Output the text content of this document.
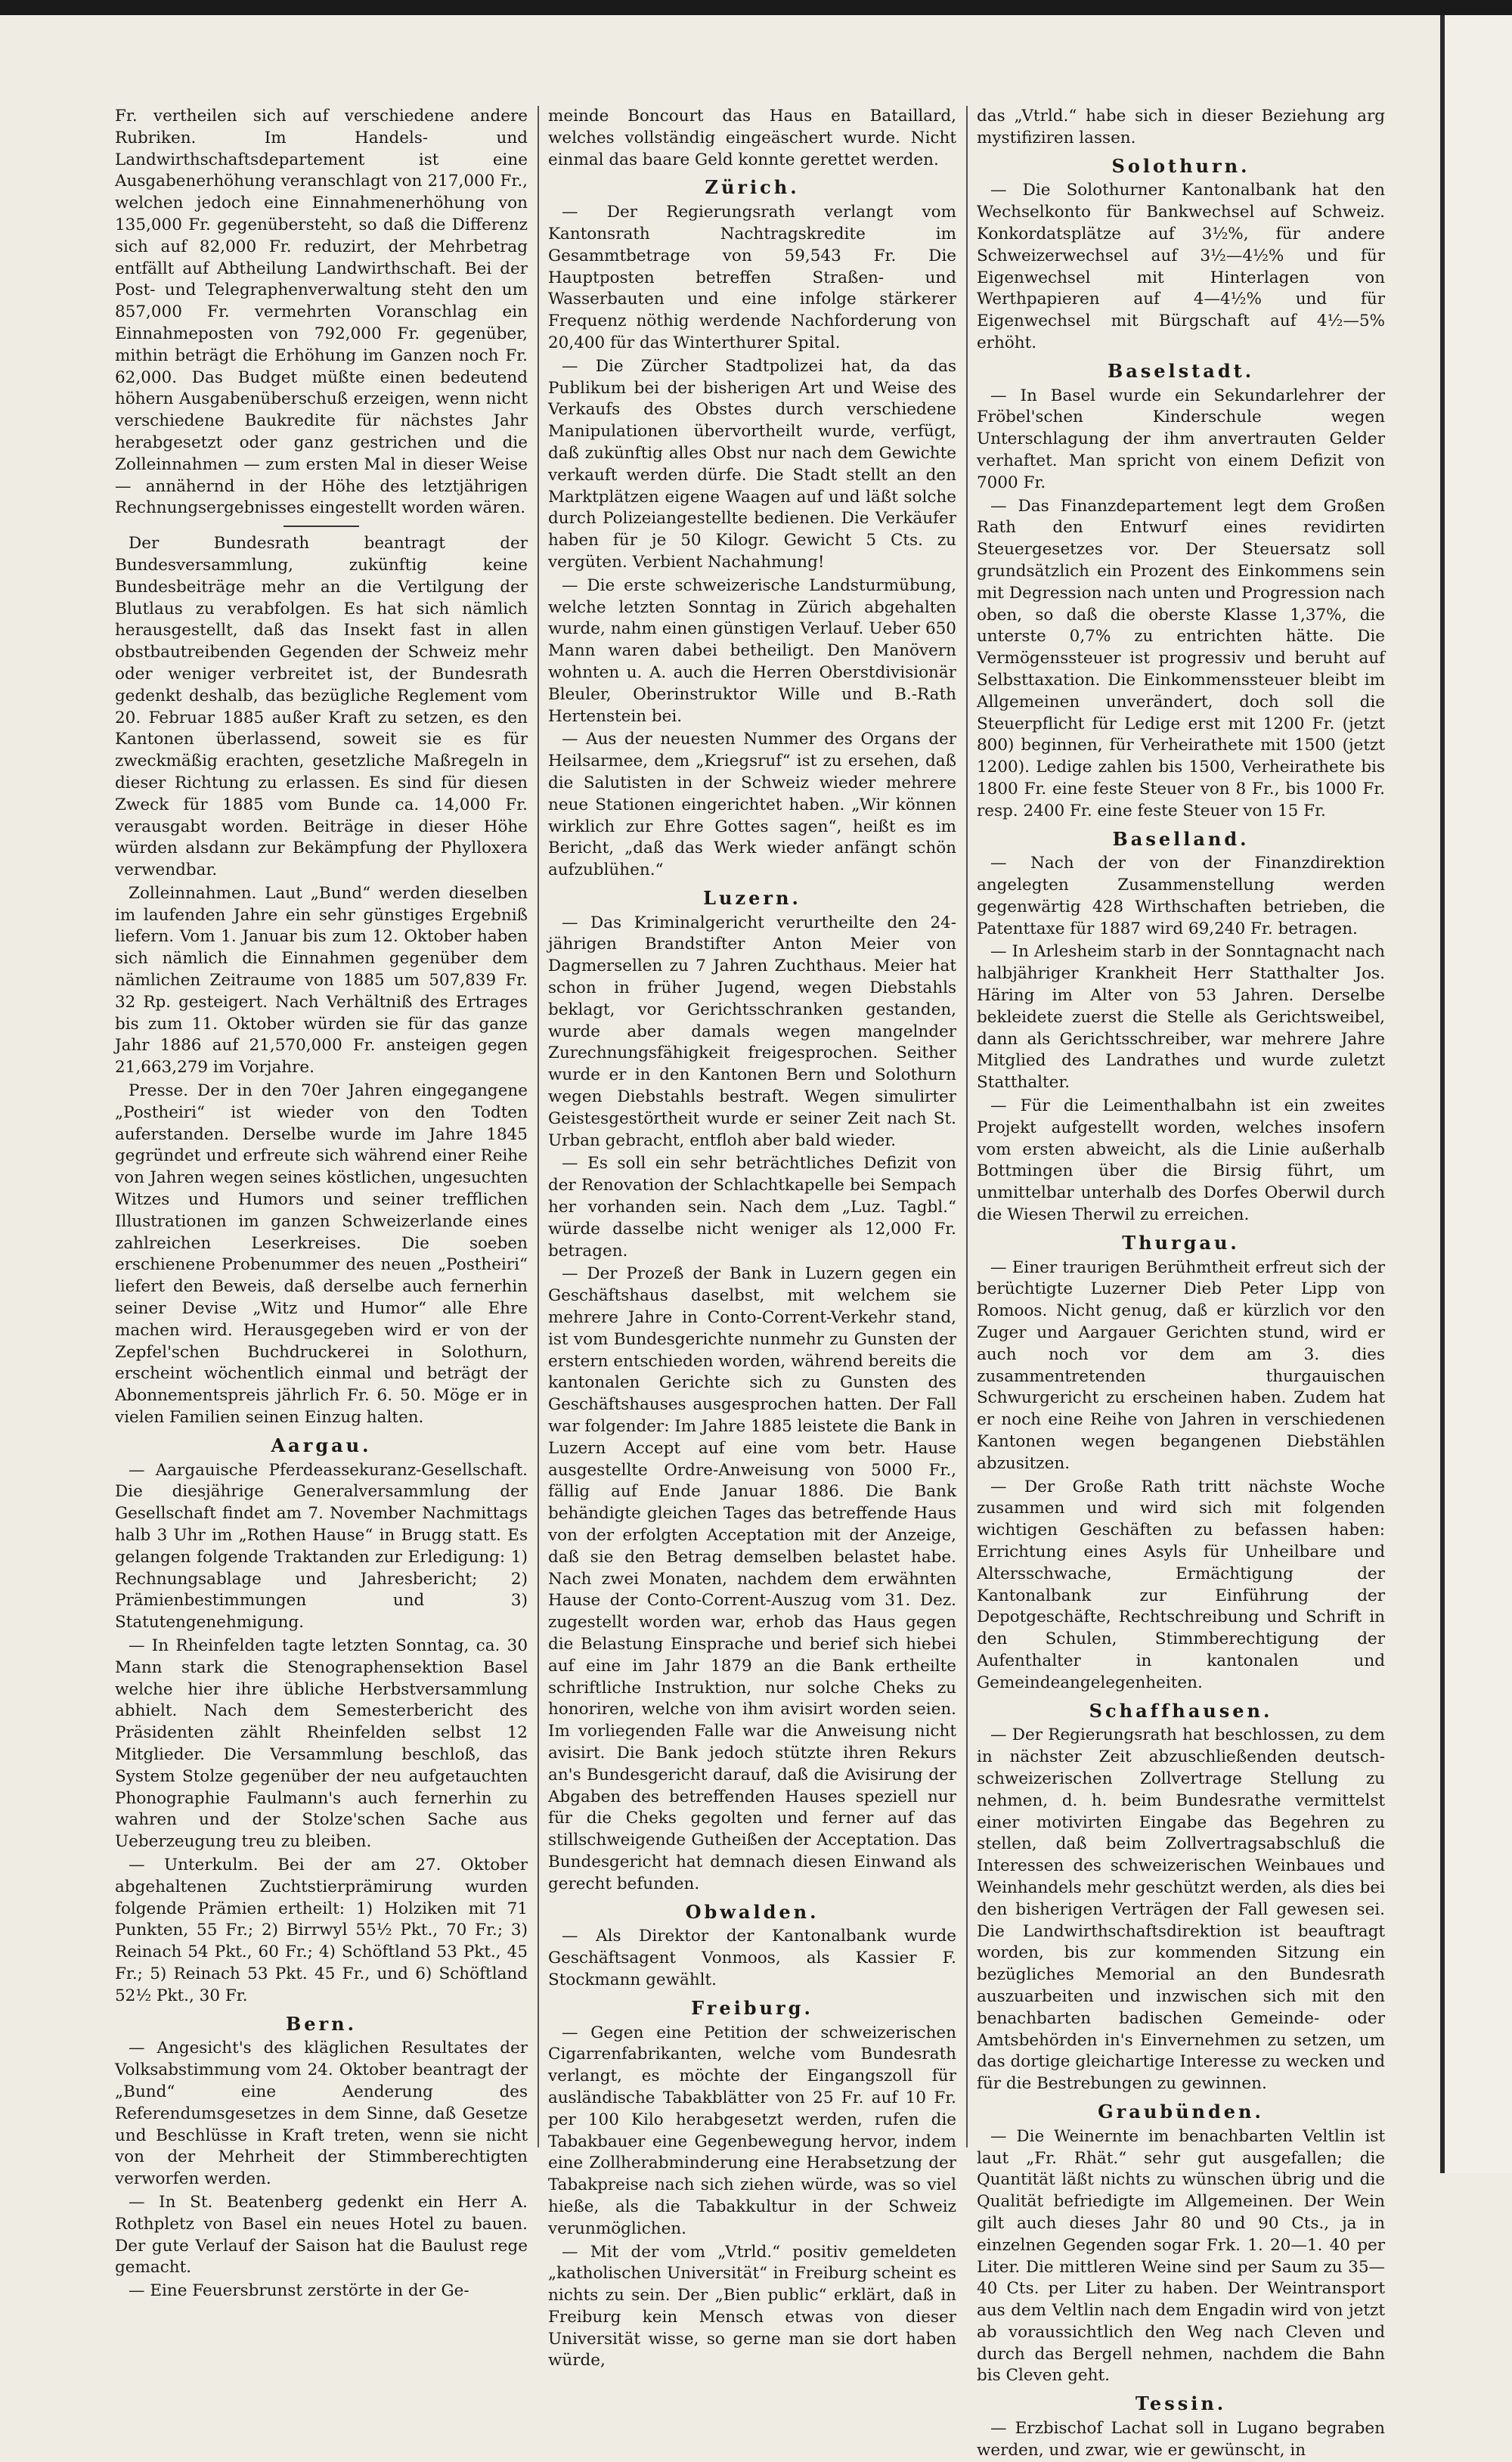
Fr. vertheilen sich auf verschiedene andere Rubriken. Im Handels- und Landwirthschaftsdepartement ist eine Ausgabenerhöhung veranschlagt von 217,000 Fr., welchen jedoch eine Einnahmenerhöhung von 135,000 Fr. gegenübersteht, so daß die Differenz sich auf 82,000 Fr. reduzirt, der Mehrbetrag entfällt auf Abtheilung Landwirthschaft. Bei der Post- und Telegraphenverwaltung steht den um 857,000 Fr. vermehrten Voranschlag ein Einnahmeposten von 792,000 Fr. gegenüber, mithin beträgt die Erhöhung im Ganzen noch Fr. 62,000. Das Budget müßte einen bedeutend höhern Ausgabenüberschuß erzeigen, wenn nicht verschiedene Baukredite für nächstes Jahr herabgesetzt oder ganz gestrichen und die Zolleinnahmen — zum ersten Mal in dieser Weise — annähernd in der Höhe des letztjährigen Rechnungsergebnisses eingestellt worden wären.

Der Bundesrath beantragt der Bundesversammlung, zukünftig keine Bundesbeiträge mehr an die Vertilgung der Blutlaus zu verabfolgen. Es hat sich nämlich herausgestellt, daß das Insekt fast in allen obstbautreibenden Gegenden der Schweiz mehr oder weniger verbreitet ist, der Bundesrath gedenkt deshalb, das bezügliche Reglement vom 20. Februar 1885 außer Kraft zu setzen, es den Kantonen überlassend, soweit sie es für zweckmäßig erachten, gesetzliche Maßregeln in dieser Richtung zu erlassen. Es sind für diesen Zweck für 1885 vom Bunde ca. 14,000 Fr. verausgabt worden. Beiträge in dieser Höhe würden alsdann zur Bekämpfung der Phylloxera verwendbar.

Zolleinnahmen. Laut „Bund“ werden dieselben im laufenden Jahre ein sehr günstiges Ergebniß liefern. Vom 1. Januar bis zum 12. Oktober haben sich nämlich die Einnahmen gegenüber dem nämlichen Zeitraume von 1885 um 507,839 Fr. 32 Rp. gesteigert. Nach Verhältniß des Ertrages bis zum 11. Oktober würden sie für das ganze Jahr 1886 auf 21,570,000 Fr. ansteigen gegen 21,663,279 im Vorjahre.

Presse. Der in den 70er Jahren eingegangene „Postheiri“ ist wieder von den Todten auferstanden. Derselbe wurde im Jahre 1845 gegründet und erfreute sich während einer Reihe von Jahren wegen seines köstlichen, ungesuchten Witzes und Humors und seiner trefflichen Illustrationen im ganzen Schweizerlande eines zahlreichen Leserkreises. Die soeben erschienene Probenummer des neuen „Postheiri“ liefert den Beweis, daß derselbe auch fernerhin seiner Devise „Witz und Humor“ alle Ehre machen wird. Herausgegeben wird er von der Zepfel'schen Buchdruckerei in Solothurn, erscheint wöchentlich einmal und beträgt der Abonnementspreis jährlich Fr. 6. 50. Möge er in vielen Familien seinen Einzug halten.

Aargau.

— Aargauische Pferdeassekuranz-Gesellschaft. Die diesjährige Generalversammlung der Gesellschaft findet am 7. November Nachmittags halb 3 Uhr im „Rothen Hause“ in Brugg statt. Es gelangen folgende Traktanden zur Erledigung: 1) Rechnungsablage und Jahresbericht; 2) Prämienbestimmungen und 3) Statutengenehmigung.

— In Rheinfelden tagte letzten Sonntag, ca. 30 Mann stark die Stenographensektion Basel welche hier ihre übliche Herbstversammlung abhielt. Nach dem Semesterbericht des Präsidenten zählt Rheinfelden selbst 12 Mitglieder. Die Versammlung beschloß, das System Stolze gegenüber der neu aufgetauchten Phonographie Faulmann's auch fernerhin zu wahren und der Stolze'schen Sache aus Ueberzeugung treu zu bleiben.

— Unterkulm. Bei der am 27. Oktober abgehaltenen Zuchtstierprämirung wurden folgende Prämien ertheilt: 1) Holziken mit 71 Punkten, 55 Fr.; 2) Birrwyl 55½ Pkt., 70 Fr.; 3) Reinach 54 Pkt., 60 Fr.; 4) Schöftland 53 Pkt., 45 Fr.; 5) Reinach 53 Pkt. 45 Fr., und 6) Schöftland 52½ Pkt., 30 Fr.

Bern.

— Angesicht's des kläglichen Resultates der Volksabstimmung vom 24. Oktober beantragt der „Bund“ eine Aenderung des Referendumsgesetzes in dem Sinne, daß Gesetze und Beschlüsse in Kraft treten, wenn sie nicht von der Mehrheit der Stimmberechtigten verworfen werden.

— In St. Beatenberg gedenkt ein Herr A. Rothpletz von Basel ein neues Hotel zu bauen. Der gute Verlauf der Saison hat die Baulust rege gemacht.

— Eine Feuersbrunst zerstörte in der Ge-

meinde Boncourt das Haus en Bataillard, welches vollständig eingeäschert wurde. Nicht einmal das baare Geld konnte gerettet werden.

Zürich.

— Der Regierungsrath verlangt vom Kantonsrath Nachtragskredite im Gesammtbetrage von 59,543 Fr. Die Hauptposten betreffen Straßen- und Wasserbauten und eine infolge stärkerer Frequenz nöthig werdende Nachforderung von 20,400 für das Winterthurer Spital.

— Die Zürcher Stadtpolizei hat, da das Publikum bei der bisherigen Art und Weise des Verkaufs des Obstes durch verschiedene Manipulationen übervortheilt wurde, verfügt, daß zukünftig alles Obst nur nach dem Gewichte verkauft werden dürfe. Die Stadt stellt an den Marktplätzen eigene Waagen auf und läßt solche durch Polizeiangestellte bedienen. Die Verkäufer haben für je 50 Kilogr. Gewicht 5 Cts. zu vergüten. Verbient Nachahmung!

— Die erste schweizerische Landsturmübung, welche letzten Sonntag in Zürich abgehalten wurde, nahm einen günstigen Verlauf. Ueber 650 Mann waren dabei betheiligt. Den Manövern wohnten u. A. auch die Herren Oberstdivisionär Bleuler, Oberinstruktor Wille und B.-Rath Hertenstein bei.

— Aus der neuesten Nummer des Organs der Heilsarmee, dem „Kriegsruf“ ist zu ersehen, daß die Salutisten in der Schweiz wieder mehrere neue Stationen eingerichtet haben. „Wir können wirklich zur Ehre Gottes sagen“, heißt es im Bericht, „daß das Werk wieder anfängt schön aufzublühen.“

Luzern.

— Das Kriminalgericht verurtheilte den 24-jährigen Brandstifter Anton Meier von Dagmersellen zu 7 Jahren Zuchthaus. Meier hat schon in früher Jugend, wegen Diebstahls beklagt, vor Gerichtsschranken gestanden, wurde aber damals wegen mangelnder Zurechnungsfähigkeit freigesprochen. Seither wurde er in den Kantonen Bern und Solothurn wegen Diebstahls bestraft. Wegen simulirter Geistesgestörtheit wurde er seiner Zeit nach St. Urban gebracht, entfloh aber bald wieder.

— Es soll ein sehr beträchtliches Defizit von der Renovation der Schlachtkapelle bei Sempach her vorhanden sein. Nach dem „Luz. Tagbl.“ würde dasselbe nicht weniger als 12,000 Fr. betragen.

— Der Prozeß der Bank in Luzern gegen ein Geschäftshaus daselbst, mit welchem sie mehrere Jahre in Conto-Corrent-Verkehr stand, ist vom Bundesgerichte nunmehr zu Gunsten der erstern entschieden worden, während bereits die kantonalen Gerichte sich zu Gunsten des Geschäftshauses ausgesprochen hatten. Der Fall war folgender: Im Jahre 1885 leistete die Bank in Luzern Accept auf eine vom betr. Hause ausgestellte Ordre-Anweisung von 5000 Fr., fällig auf Ende Januar 1886. Die Bank behändigte gleichen Tages das betreffende Haus von der erfolgten Acceptation mit der Anzeige, daß sie den Betrag demselben belastet habe. Nach zwei Monaten, nachdem dem erwähnten Hause der Conto-Corrent-Auszug vom 31. Dez. zugestellt worden war, erhob das Haus gegen die Belastung Einsprache und berief sich hiebei auf eine im Jahr 1879 an die Bank ertheilte schriftliche Instruktion, nur solche Cheks zu honoriren, welche von ihm avisirt worden seien. Im vorliegenden Falle war die Anweisung nicht avisirt. Die Bank jedoch stützte ihren Rekurs an's Bundesgericht darauf, daß die Avisirung der Abgaben des betreffenden Hauses speziell nur für die Cheks gegolten und ferner auf das stillschweigende Gutheißen der Acceptation. Das Bundesgericht hat demnach diesen Einwand als gerecht befunden.

Obwalden.

— Als Direktor der Kantonalbank wurde Geschäftsagent Vonmoos, als Kassier F. Stockmann gewählt.

Freiburg.

— Gegen eine Petition der schweizerischen Cigarrenfabrikanten, welche vom Bundesrath verlangt, es möchte der Eingangszoll für ausländische Tabakblätter von 25 Fr. auf 10 Fr. per 100 Kilo herabgesetzt werden, rufen die Tabakbauer eine Gegenbewegung hervor, indem eine Zollherabminderung eine Herabsetzung der Tabakpreise nach sich ziehen würde, was so viel hieße, als die Tabakkultur in der Schweiz verunmöglichen.

— Mit der vom „Vtrld.“ positiv gemeldeten „katholischen Universität“ in Freiburg scheint es nichts zu sein. Der „Bien public“ erklärt, daß in Freiburg kein Mensch etwas von dieser Universität wisse, so gerne man sie dort haben würde,

das „Vtrld.“ habe sich in dieser Beziehung arg mystifiziren lassen.

Solothurn.

— Die Solothurner Kantonalbank hat den Wechselkonto für Bankwechsel auf Schweiz. Konkordatsplätze auf 3½%, für andere Schweizerwechsel auf 3½—4½% und für Eigenwechsel mit Hinterlagen von Werthpapieren auf 4—4½% und für Eigenwechsel mit Bürgschaft auf 4½—5% erhöht.

Baselstadt.

— In Basel wurde ein Sekundarlehrer der Fröbel'schen Kinderschule wegen Unterschlagung der ihm anvertrauten Gelder verhaftet. Man spricht von einem Defizit von 7000 Fr.

— Das Finanzdepartement legt dem Großen Rath den Entwurf eines revidirten Steuergesetzes vor. Der Steuersatz soll grundsätzlich ein Prozent des Einkommens sein mit Degression nach unten und Progression nach oben, so daß die oberste Klasse 1,37%, die unterste 0,7% zu entrichten hätte. Die Vermögenssteuer ist progressiv und beruht auf Selbsttaxation. Die Einkommenssteuer bleibt im Allgemeinen unverändert, doch soll die Steuerpflicht für Ledige erst mit 1200 Fr. (jetzt 800) beginnen, für Verheirathete mit 1500 (jetzt 1200). Ledige zahlen bis 1500, Verheirathete bis 1800 Fr. eine feste Steuer von 8 Fr., bis 1000 Fr. resp. 2400 Fr. eine feste Steuer von 15 Fr.

Baselland.

— Nach der von der Finanzdirektion angelegten Zusammenstellung werden gegenwärtig 428 Wirthschaften betrieben, die Patenttaxe für 1887 wird 69,240 Fr. betragen.

— In Arlesheim starb in der Sonntagnacht nach halbjähriger Krankheit Herr Statthalter Jos. Häring im Alter von 53 Jahren. Derselbe bekleidete zuerst die Stelle als Gerichtsweibel, dann als Gerichtsschreiber, war mehrere Jahre Mitglied des Landrathes und wurde zuletzt Statthalter.

— Für die Leimenthalbahn ist ein zweites Projekt aufgestellt worden, welches insofern vom ersten abweicht, als die Linie außerhalb Bottmingen über die Birsig führt, um unmittelbar unterhalb des Dorfes Oberwil durch die Wiesen Therwil zu erreichen.

Thurgau.

— Einer traurigen Berühmtheit erfreut sich der berüchtigte Luzerner Dieb Peter Lipp von Romoos. Nicht genug, daß er kürzlich vor den Zuger und Aargauer Gerichten stund, wird er auch noch vor dem am 3. dies zusammentretenden thurgauischen Schwurgericht zu erscheinen haben. Zudem hat er noch eine Reihe von Jahren in verschiedenen Kantonen wegen begangenen Diebstählen abzusitzen.

— Der Große Rath tritt nächste Woche zusammen und wird sich mit folgenden wichtigen Geschäften zu befassen haben: Errichtung eines Asyls für Unheilbare und Altersschwache, Ermächtigung der Kantonalbank zur Einführung der Depotgeschäfte, Rechtschreibung und Schrift in den Schulen, Stimmberechtigung der Aufenthalter in kantonalen und Gemeindeangelegenheiten.

Schaffhausen.

— Der Regierungsrath hat beschlossen, zu dem in nächster Zeit abzuschließenden deutsch-schweizerischen Zollvertrage Stellung zu nehmen, d. h. beim Bundesrathe vermittelst einer motivirten Eingabe das Begehren zu stellen, daß beim Zollvertragsabschluß die Interessen des schweizerischen Weinbaues und Weinhandels mehr geschützt werden, als dies bei den bisherigen Verträgen der Fall gewesen sei. Die Landwirthschaftsdirektion ist beauftragt worden, bis zur kommenden Sitzung ein bezügliches Memorial an den Bundesrath auszuarbeiten und inzwischen sich mit den benachbarten badischen Gemeinde- oder Amtsbehörden in's Einvernehmen zu setzen, um das dortige gleichartige Interesse zu wecken und für die Bestrebungen zu gewinnen.

Graubünden.

— Die Weinernte im benachbarten Veltlin ist laut „Fr. Rhät.“ sehr gut ausgefallen; die Quantität läßt nichts zu wünschen übrig und die Qualität befriedigte im Allgemeinen. Der Wein gilt auch dieses Jahr 80 und 90 Cts., ja in einzelnen Gegenden sogar Frk. 1. 20—1. 40 per Liter. Die mittleren Weine sind per Saum zu 35—40 Cts. per Liter zu haben. Der Weintransport aus dem Veltlin nach dem Engadin wird von jetzt ab voraussichtlich den Weg nach Cleven und durch das Bergell nehmen, nachdem die Bahn bis Cleven geht.

Tessin.

— Erzbischof Lachat soll in Lugano begraben werden, und zwar, wie er gewünscht, in
